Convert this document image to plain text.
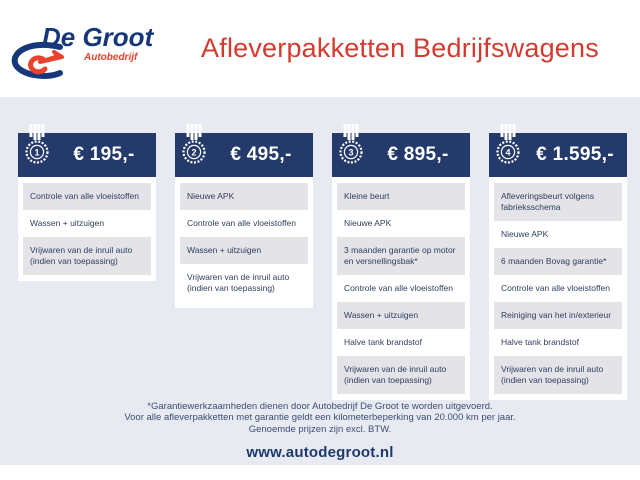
De Groot
Autobedrijf	Afleverpakketten Bedrijfswagens
1 € 195,-
Controle van alle vloeistoffen
Wassen + uitzuigen
Vrijwaren van de inruil auto (indien van toepassing)
2 € 495,-
Nieuwe APK
Controle van alle vloeistoffen
Wassen + uitzuigen
Vrijwaren van de inruil auto (indien van toepassing)
3 € 895,-
Kleine beurt
Nieuwe APK
3 maanden garantie op motor en versnellingsbak*
Controle van alle vloeistoffen
Wassen + uitzuigen
Halve tank brandstof
Vrijwaren van de inruil auto (indien van toepassing)
4 € 1.595,-
Afleveringsbeurt volgens fabrieksschema
Nieuwe APK
6 maanden Bovag garantie*
Controle van alle vloeistoffen
Reiniging van het in/exterieur
Halve tank brandstof
Vrijwaren van de inruil auto (indien van toepassing)
*Garantiewerkzaamheden dienen door Autobedrijf De Groot te worden uitgevoerd.
Voor alle afleverpakketten met garantie geldt een kilometerbeperking van 20.000 km per jaar.
Genoemde prijzen zijn excl. BTW.
www.autodegroot.nl
